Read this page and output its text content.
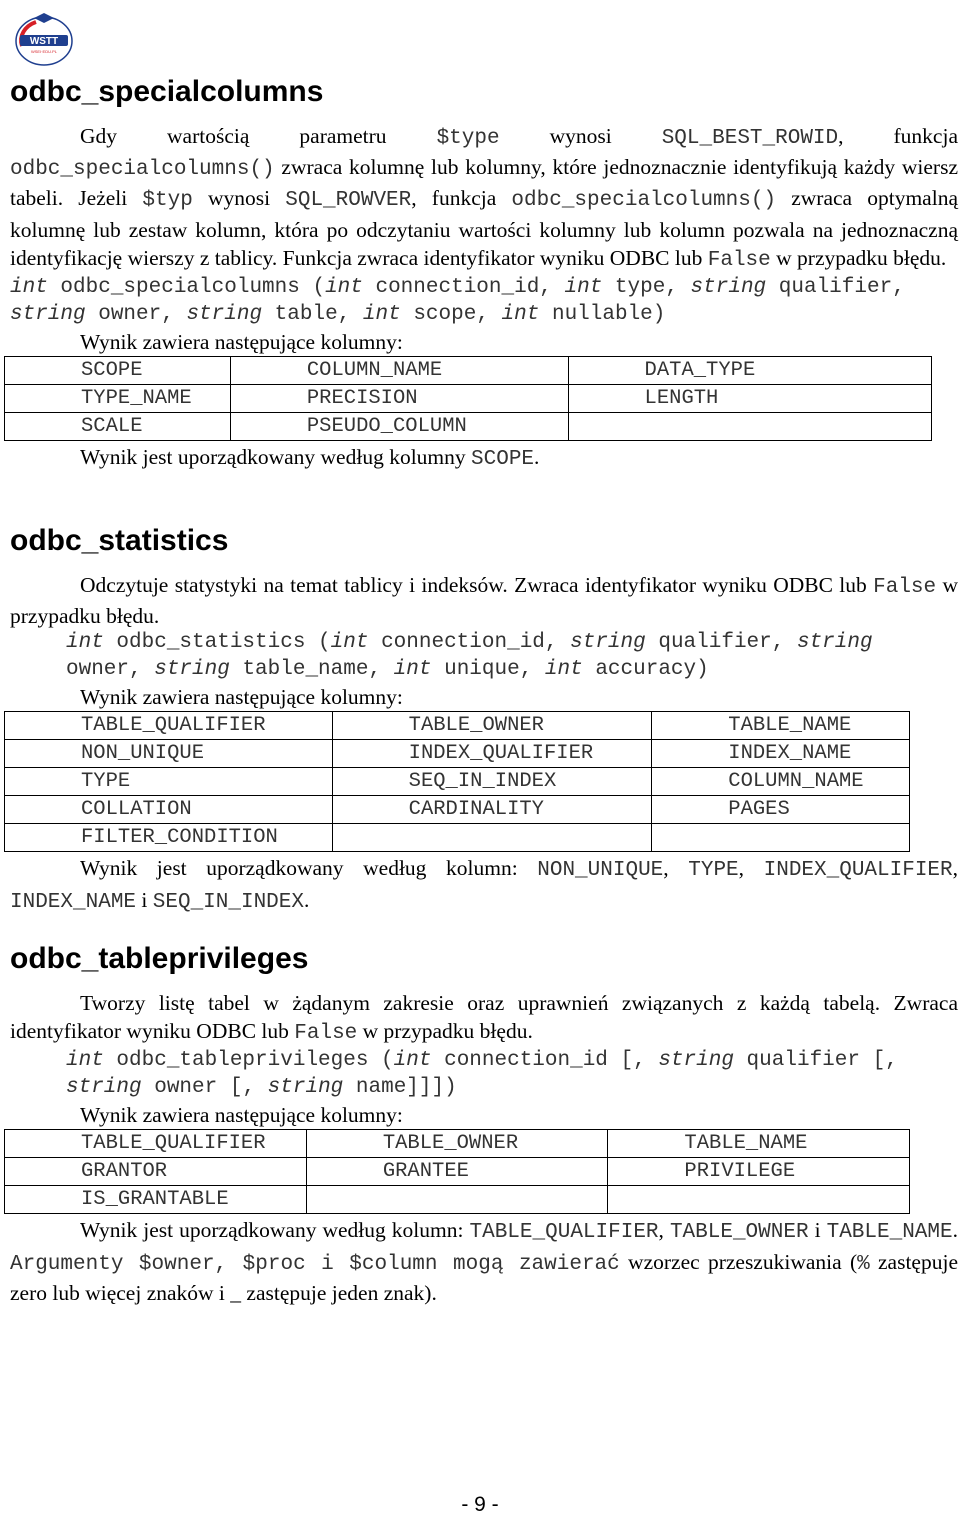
WSTT
WSEI·EDU.PL
odbc_specialcolumns
Gdy wartością parametru $type wynosi SQL_BEST_ROWID, funkcja odbc_specialcolumns() zwraca kolumnę lub kolumny, które jednoznacznie identyfikują każdy wiersz tabeli. Jeżeli $typ wynosi SQL_ROWVER, funkcja odbc_specialcolumns() zwraca optymalną kolumnę lub zestaw kolumn, która po odczytaniu wartości kolumny lub kolumn pozwala na jednoznaczną identyfikację wierszy z tablicy. Funkcja zwraca identyfikator wyniku ODBC lub False w przypadku błędu.
int odbc_specialcolumns (int connection_id, int type, string qualifier, string owner, string table, int scope, int nullable)
Wynik zawiera następujące kolumny:
SCOPE	COLUMN_NAME	DATA_TYPE
TYPE_NAME	PRECISION	LENGTH
SCALE	PSEUDO_COLUMN	
Wynik jest uporządkowany według kolumny SCOPE.
odbc_statistics
Odczytuje statystyki na temat tablicy i indeksów. Zwraca identyfikator wyniku ODBC lub False w przypadku błędu.
int odbc_statistics (int connection_id, string qualifier, string owner, string table_name, int unique, int accuracy)
Wynik zawiera następujące kolumny:
TABLE_QUALIFIER	TABLE_OWNER	TABLE_NAME
NON_UNIQUE	INDEX_QUALIFIER	INDEX_NAME
TYPE	SEQ_IN_INDEX	COLUMN_NAME
COLLATION	CARDINALITY	PAGES
FILTER_CONDITION		
Wynik jest uporządkowany według kolumn: NON_UNIQUE, TYPE, INDEX_QUALIFIER, INDEX_NAME i SEQ_IN_INDEX.
odbc_tableprivileges
Tworzy listę tabel w żądanym zakresie oraz uprawnień związanych z każdą tabelą. Zwraca identyfikator wyniku ODBC lub False w przypadku błędu.
int odbc_tableprivileges (int connection_id [, string qualifier [, string owner [, string name]]])
Wynik zawiera następujące kolumny:
TABLE_QUALIFIER	TABLE_OWNER	TABLE_NAME
GRANTOR	GRANTEE	PRIVILEGE
IS_GRANTABLE		
Wynik jest uporządkowany według kolumn: TABLE_QUALIFIER, TABLE_OWNER i TABLE_NAME. Argumenty $owner, $proc i $column mogą zawierać wzorzec przeszukiwania (% zastępuje zero lub więcej znaków i _ zastępuje jeden znak).
- 9 -
